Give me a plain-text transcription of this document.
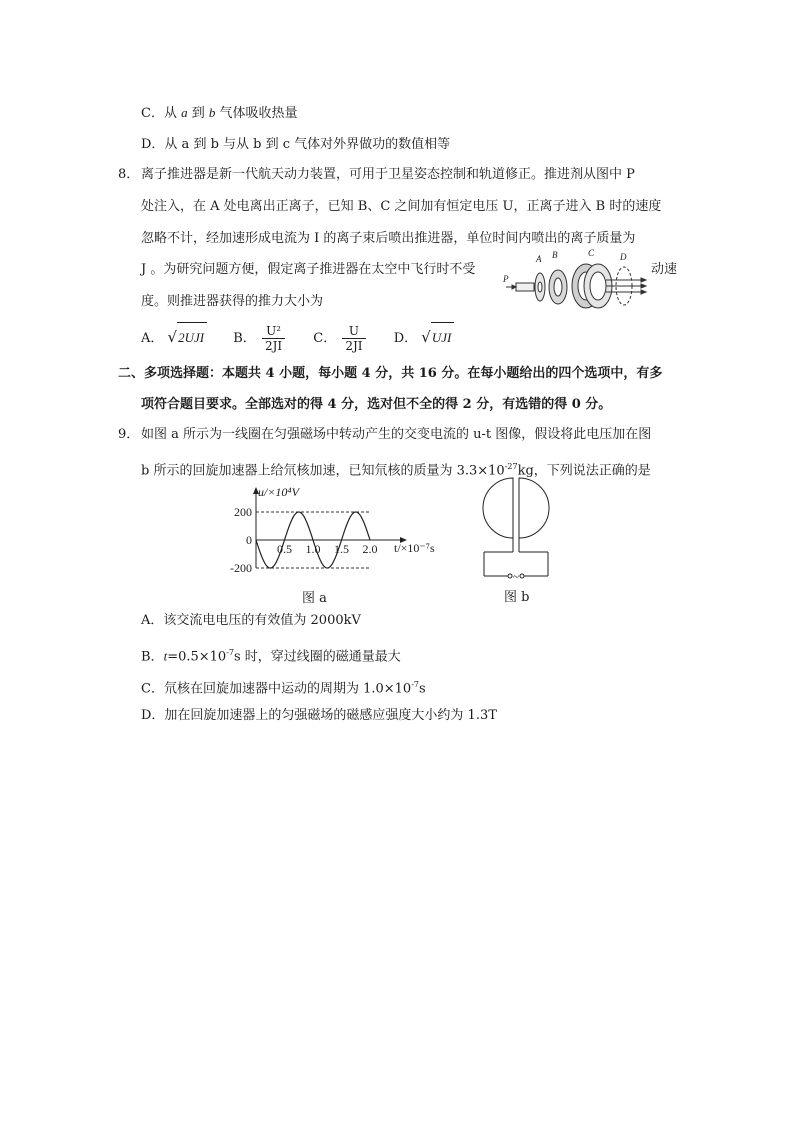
C．从 a 到 b 气体吸收热量
D．从 a 到 b 与从 b 到 c 气体对外界做功的数值相等
8． 离子推进器是新一代航天动力装置，可用于卫星姿态控制和轨道修正。推进剂从图中 P
处注入，在 A 处电离出正离子，已知 B、C 之间加有恒定电压 U，正离子进入 B 时的速度
忽略不计，经加速形成电流为 I 的离子束后喷出推进器，单位时间内喷出的离子质量为
J 。为研究问题方便，假定离子推进器在太空中飞行时不受	动速
度。则推进器获得的推力大小为
P
A B	C	D
A． √2UJI B． $\frac{\text{U²}}{2JI}$ C． $\frac{U}{2JI}$ D． √UJI
二、多项选择题：本题共 4 小题，每小题 4 分，共 16 分。在每小题给出的四个选项中，有多
项符合题目要求。全部选对的得 4 分，选对但不全的得 2 分，有选错的得 0 分。
9． 如图 a 所示为一线圈在匀强磁场中转动产生的交变电流的 u-t 图像，假设将此电压加在图
b 所示的回旋加速器上给氘核加速，已知氘核的质量为 $3.3\times 10^{-27}kg$，下列说法正确的是
200
0
-200
0.5 1.0 1.5 2.0
u/×10⁴V
t/×10⁻⁷s
图 a
~
图 b
A．该交流电电压的有效值为 2000kV
B．$t=0.5\times 10^{-7}s$ 时，穿过线圈的磁通量最大
C．氘核在回旋加速器中运动的周期为 $1.0\times 10^{-7}s$
D．加在回旋加速器上的匀强磁场的磁感应强度大小约为 1.3T
